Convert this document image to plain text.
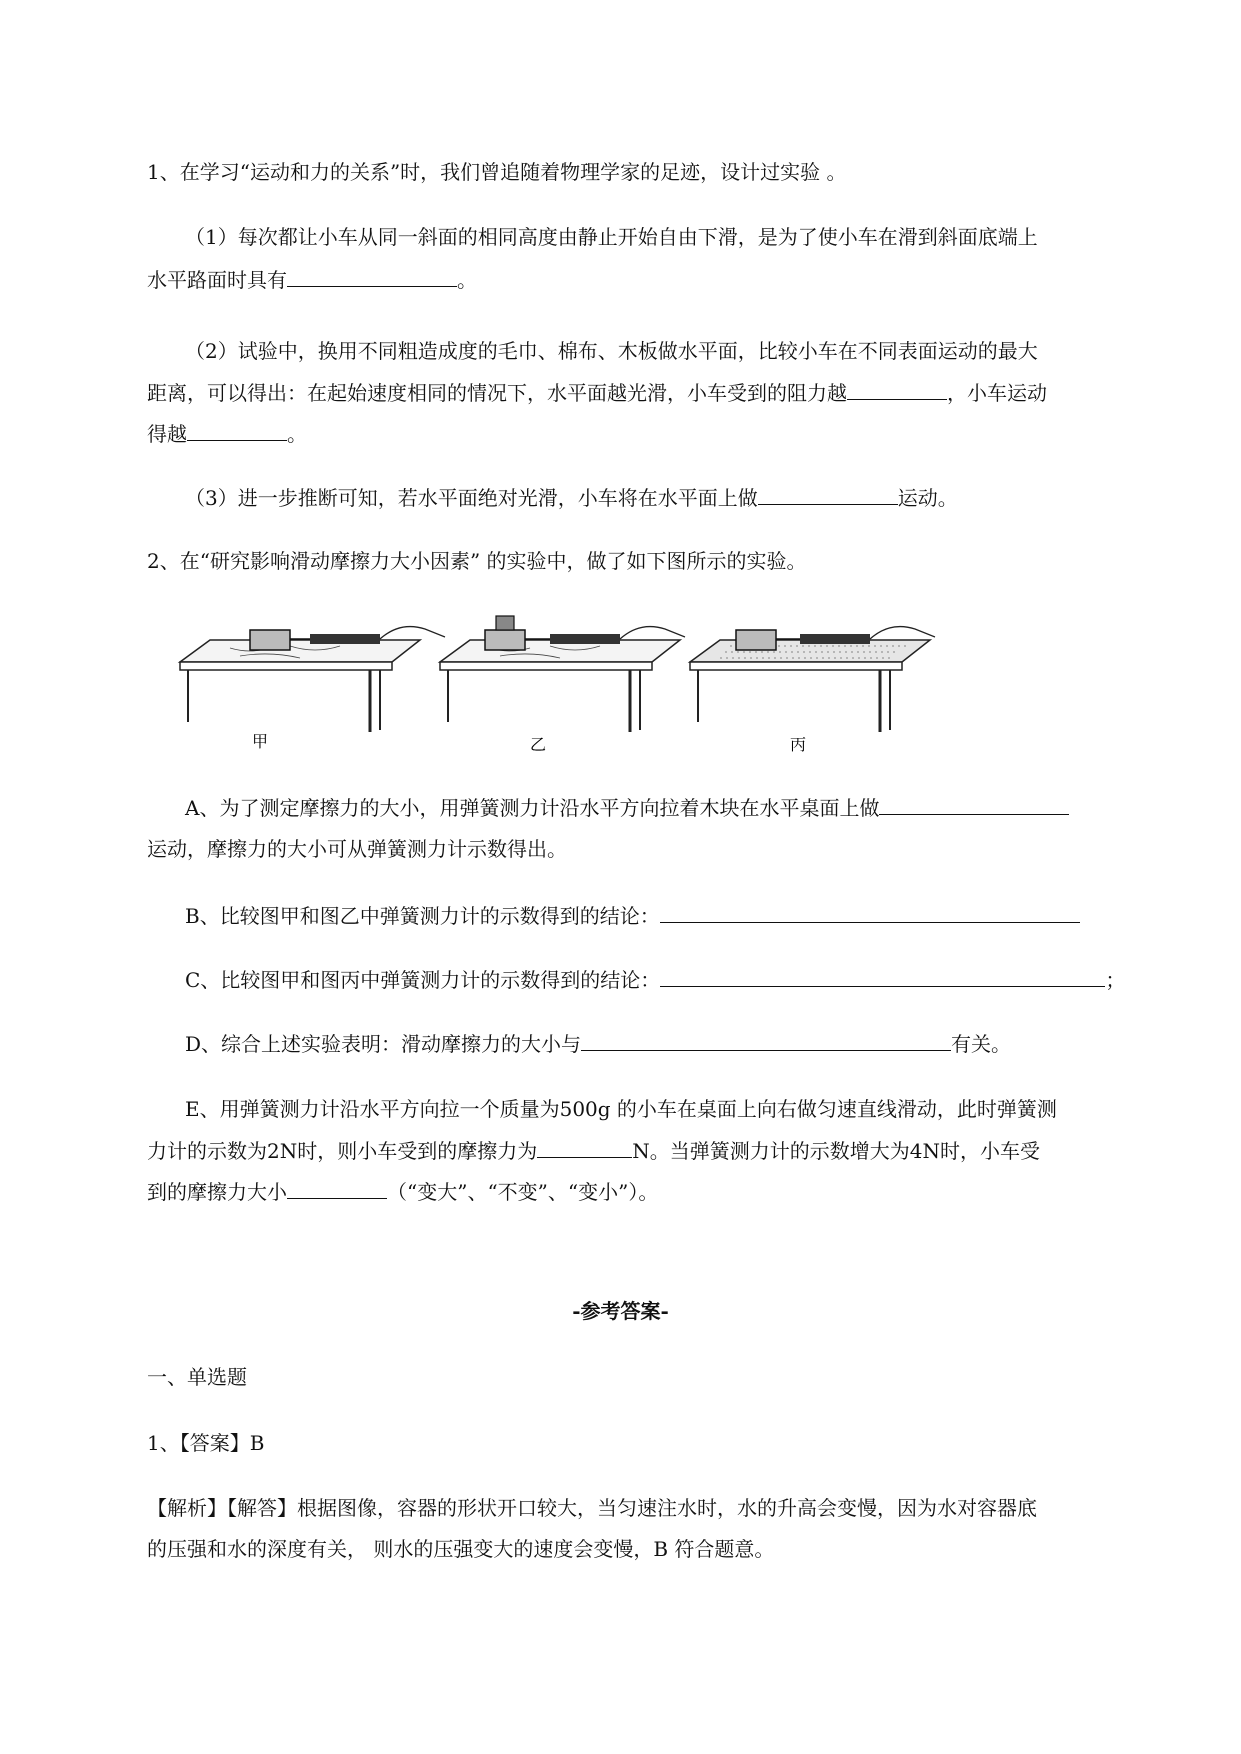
1、在学习“运动和力的关系”时，我们曾追随着物理学家的足迹，设计过实验 。
（1）每次都让小车从同一斜面的相同高度由静止开始自由下滑，是为了使小车在滑到斜面底端上
水平路面时具有	。
（2）试验中，换用不同粗造成度的毛巾、棉布、木板做水平面，比较小车在不同表面运动的最大
距离，可以得出：在起始速度相同的情况下，水平面越光滑，小车受到的阻力越	，小车运动
得越	。
（3）进一步推断可知，若水平面绝对光滑，小车将在水平面上做	运动。
2、在“研究影响滑动摩擦力大小因素” 的实验中，做了如下图所示的实验。
甲	乙	丙
A、为了测定摩擦力的大小，用弹簧测力计沿水平方向拉着木块在水平桌面上做
运动，摩擦力的大小可从弹簧测力计示数得出。
B、比较图甲和图乙中弹簧测力计的示数得到的结论：
C、比较图甲和图丙中弹簧测力计的示数得到的结论：	；
D、综合上述实验表明：滑动摩擦力的大小与	有关。
E、用弹簧测力计沿水平方向拉一个质量为500g 的小车在桌面上向右做匀速直线滑动，此时弹簧测
力计的示数为2N时，则小车受到的摩擦力为	N。当弹簧测力计的示数增大为4N时，小车受
到的摩擦力大小	（“变大”、“不变”、“变小”）。
-参考答案-
一、单选题
1、【答案】B
【解析】【解答】根据图像，容器的形状开口较大，当匀速注水时，水的升高会变慢，因为水对容器底
的压强和水的深度有关， 则水的压强变大的速度会变慢，B 符合题意。
